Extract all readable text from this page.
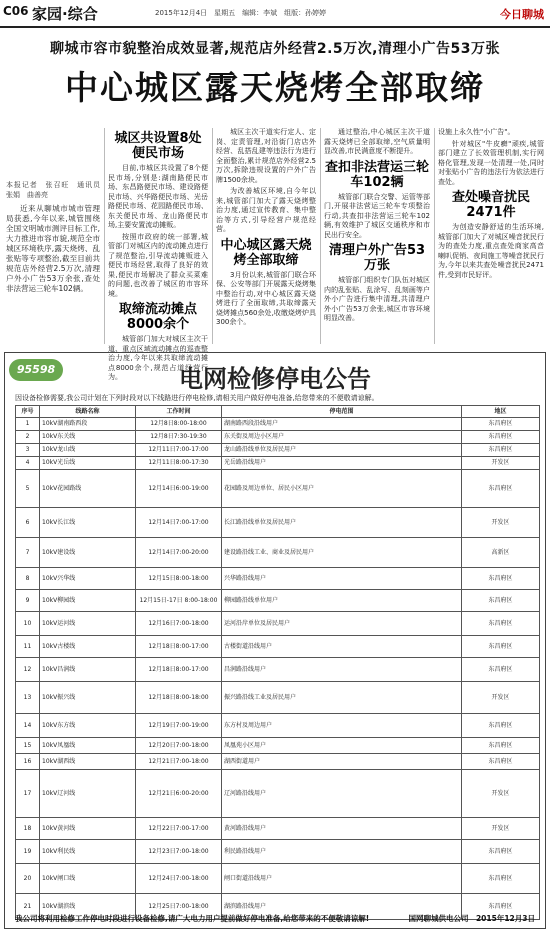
C06 家园·综合	2015年12月4日　星期五　编辑：李斌　组版：孙婷婷	今日聊城
聊城市容市貌整治成效显著,规范店外经营2.5万次,清理小广告53万张
中心城区露天烧烤全部取缔
本报记者　张召旺　通讯员　张娟　曲善亮
近来从聊城市城市管理局获悉,今年以来,城管围绕全国文明城市测评目标工作,大力推进市容市貌,规范全市城区环境秩序,露天烧烤、乱张贴等专项整治,截至目前共规范店外经营2.5万次,清理户外小广告53万余张,查处非法营运三轮车102辆。
城区共设置8处便民市场

目前,市城区共设置了8个便民市场,分别是:湖南路便民市场、东昌路便民市场、建设路便民市场、兴华路便民市场、光岳路便民市场、花园路便民市场、东关便民市场、龙山路便民市场,主要安置流动摊贩。

按照市政府的统一部署,城管部门对城区内的流动摊点进行了规范整治,引导流动摊贩进入便民市场经营,取得了良好的效果,便民市场解决了群众买菜难的问题,也改善了城区的市容环境。

取缔流动摊点8000余个

城管部门加大对城区主次干道、重点区域流动摊点的巡查整治力度,今年以来共取缔流动摊点8000余个,规范占道经营行为。

城区主次干道实行定人、定岗、定责管理,对沿街门店店外经营、乱搭乱建等违法行为进行全面整治,累计规范店外经营2.5万次,拆除违规设置的户外广告牌1500余块。

为改善城区环境,自今年以来,城管部门加大了露天烧烤整治力度,通过宣传教育、集中整治等方式,引导经营户规范经营。

中心城区露天烧烤全部取缔

3月份以来,城管部门联合环保、公安等部门开展露天烧烤集中整治行动,对中心城区露天烧烤进行了全面取缔,共取缔露天烧烤摊点560余处,收缴烧烤炉具300余个。

通过整治,中心城区主次干道露天烧烤已全部取缔,空气质量明显改善,市民满意度不断提升。

查扣非法营运三轮车102辆

城管部门联合交警、运管等部门,开展非法营运三轮车专项整治行动,共查扣非法营运三轮车102辆,有效维护了城区交通秩序和市民出行安全。

清理户外广告53万张

城管部门组织专门队伍对城区内的乱张贴、乱涂写、乱刻画等户外小广告进行集中清理,共清理户外小广告53万余张,城区市容环境明显改善。

设施上永久性"小广告"。

针对城区"牛皮癣"顽疾,城管部门建立了长效管理机制,实行网格化管理,发现一处清理一处,同时对张贴小广告的违法行为依法进行查处。

查处噪音扰民2471件

为创造安静舒适的生活环境,城管部门加大了对城区噪音扰民行为的查处力度,重点查处商家高音喇叭促销、夜间施工等噪音扰民行为,今年以来共查处噪音扰民2471件,受到市民好评。

95598	电网检修停电公告
因设备检修需要,我公司计划在下列时段对以下线路进行停电检修,请相关用户做好停电准备,给您带来的不便敬请谅解。
序号	线路名称	工作时间	停电范围	地区
1	10kV湖南路西段	12月8日8:00-18:00	湖南路西段沿线用户	东昌府区
2	10kV东关线	12月8日7:30-19:30	东关街及周边小区用户	东昌府区
3	10kV龙山线	12月11日7:00-17:00	龙山路沿线单位及居民用户	东昌府区
4	10kV光岳线	12月11日8:00-17:30	光岳路沿线用户	开发区
5	10kV花园路线	12月14日6:00-19:00	花园路及周边单位、居民小区用户	东昌府区
6	10kV长江线	12月14日7:00-17:00	长江路沿线单位及居民用户	开发区
7	10kV建设线	12月14日7:00-20:00	建设路沿线工业、商业及居民用户	高新区
8	10kV兴华线	12月15日8:00-18:00	兴华路沿线用户	东昌府区
9	10kV柳园线	12月15日-17日 8:00-18:00	柳园路沿线单位用户	东昌府区
10	10kV运河线	12月16日7:00-18:00	运河沿岸单位及居民用户	东昌府区
11	10kV古楼线	12月18日8:00-17:00	古楼街道沿线用户	东昌府区
12	10kV昌润线	12月18日8:00-17:00	昌润路沿线用户	东昌府区
13	10kV振兴线	12月18日8:00-18:00	振兴路沿线工业及居民用户	开发区
14	10kV东方线	12月19日7:00-19:00	东方村及周边用户	东昌府区
15	10kV凤凰线	12月20日7:00-18:00	凤凰苑小区用户	东昌府区
16	10kV湖西线	12月21日7:00-18:00	湖西街道用户	东昌府区
17	10kV辽河线	12月21日6:00-20:00	辽河路沿线用户	开发区
18	10kV黄河线	12月22日7:00-17:00	黄河路沿线用户	开发区
19	10kV利民线	12月23日7:00-18:00	利民路沿线用户	东昌府区
20	10kV闸口线	12月24日7:00-18:00	闸口街道沿线用户	东昌府区
21	10kV湖滨线	12月25日7:00-18:00	湖滨路沿线用户	东昌府区
我公司将利用检修工作停电时段进行设备检修,请广大电力用户提前做好停电准备,给您带来的不便敬请谅解!	国网聊城供电公司　2015年12月3日
